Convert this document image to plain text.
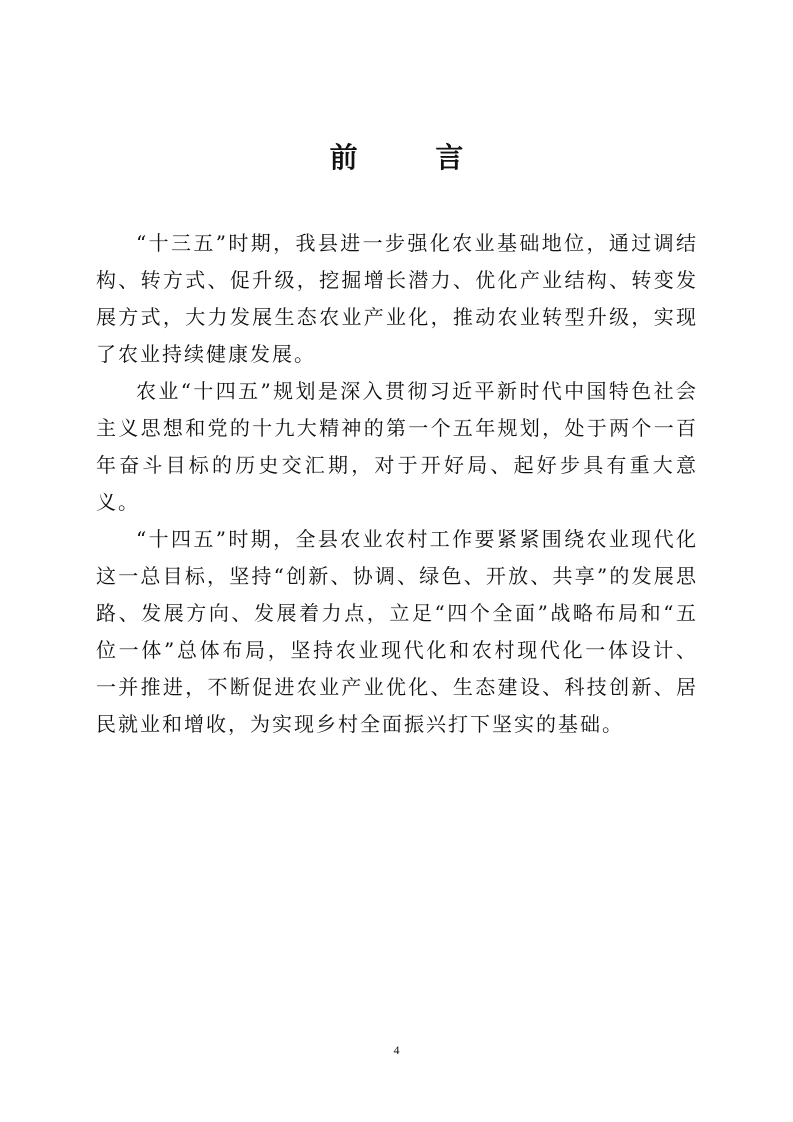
前 言

“十三五”时期，我县进一步强化农业基础地位，通过调结构、转方式、促升级，挖掘增长潜力、优化产业结构、转变发展方式，大力发展生态农业产业化，推动农业转型升级，实现了农业持续健康发展。

农业“十四五”规划是深入贯彻习近平新时代中国特色社会主义思想和党的十九大精神的第一个五年规划，处于两个一百年奋斗目标的历史交汇期，对于开好局、起好步具有重大意义。

“十四五”时期，全县农业农村工作要紧紧围绕农业现代化这一总目标，坚持“创新、协调、绿色、开放、共享”的发展思路、发展方向、发展着力点，立足“四个全面”战略布局和“五位一体”总体布局，坚持农业现代化和农村现代化一体设计、一并推进，不断促进农业产业优化、生态建设、科技创新、居民就业和增收，为实现乡村全面振兴打下坚实的基础。

4
